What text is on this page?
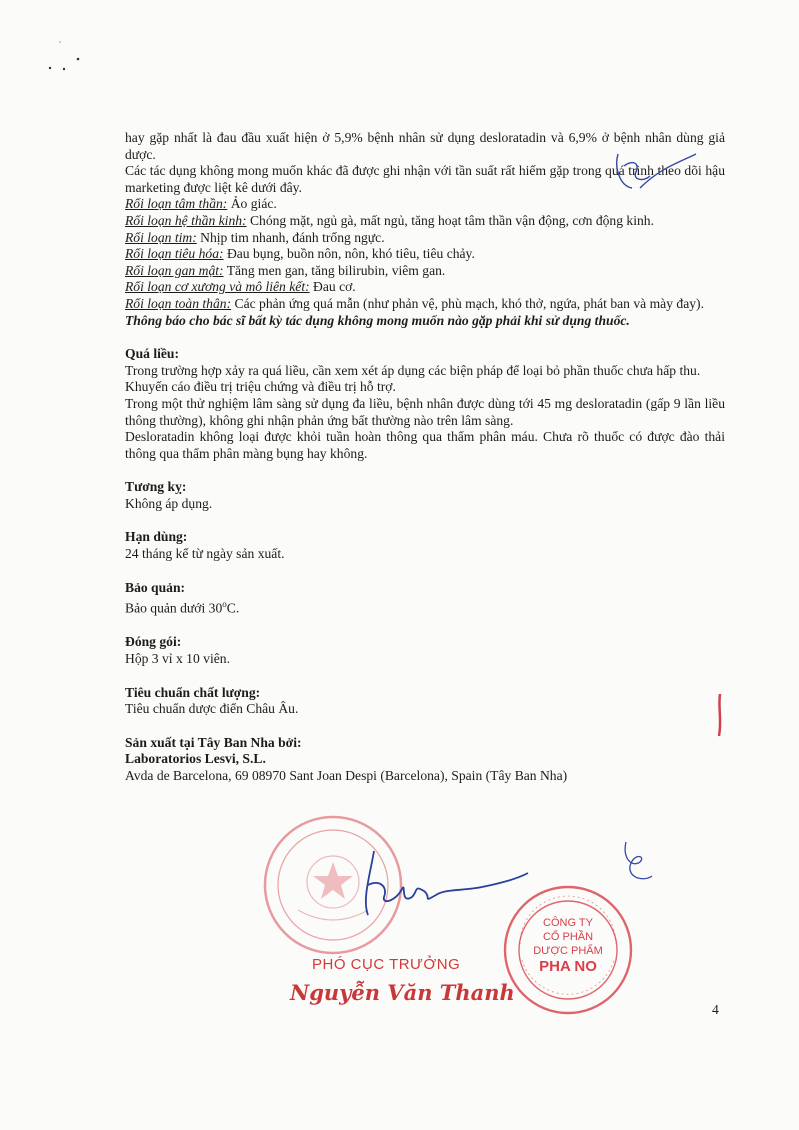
hay gặp nhất là đau đầu xuất hiện ở 5,9% bệnh nhân sử dụng desloratadin và 6,9% ở bệnh nhân dùng giả dược.

Các tác dụng không mong muốn khác đã được ghi nhận với tần suất rất hiếm gặp trong quá trình theo dõi hậu marketing được liệt kê dưới đây.

Rối loạn tâm thần: Ảo giác.

Rối loạn hệ thần kinh: Chóng mặt, ngủ gà, mất ngủ, tăng hoạt tâm thần vận động, cơn động kinh.

Rối loạn tim: Nhịp tim nhanh, đánh trống ngực.

Rối loạn tiêu hóa: Đau bụng, buồn nôn, nôn, khó tiêu, tiêu chảy.

Rối loạn gan mật: Tăng men gan, tăng bilirubin, viêm gan.

Rối loạn cơ xương và mô liên kết: Đau cơ.

Rối loạn toàn thân: Các phản ứng quá mẫn (như phản vệ, phù mạch, khó thở, ngứa, phát ban và mày đay).

Thông báo cho bác sĩ bất kỳ tác dụng không mong muốn nào gặp phải khi sử dụng thuốc.

Quá liều:

Trong trường hợp xảy ra quá liều, cần xem xét áp dụng các biện pháp để loại bỏ phần thuốc chưa hấp thu.

Khuyến cáo điều trị triệu chứng và điều trị hỗ trợ.

Trong một thử nghiệm lâm sàng sử dụng đa liều, bệnh nhân được dùng tới 45 mg desloratadin (gấp 9 lần liều thông thường), không ghi nhận phản ứng bất thường nào trên lâm sàng.

Desloratadin không loại được khỏi tuần hoàn thông qua thẩm phân máu. Chưa rõ thuốc có được đào thải thông qua thẩm phân màng bụng hay không.

Tương kỵ:

Không áp dụng.

Hạn dùng:

24 tháng kể từ ngày sản xuất.

Bảo quản:

Bảo quản dưới 30$^o$C.

Đóng gói:

Hộp 3 vỉ x 10 viên.

Tiêu chuẩn chất lượng:

Tiêu chuẩn dược điển Châu Âu.

Sản xuất tại Tây Ban Nha bởi:

Laboratorios Lesvi, S.L.

Avda de Barcelona, 69 08970 Sant Joan Despi (Barcelona), Spain (Tây Ban Nha)

PHÓ CỤC TRƯỞNG
Nguyễn Văn Thanh
CÔNG TY
CỔ PHẦN
DƯỢC PHẨM
PHA NO
4
